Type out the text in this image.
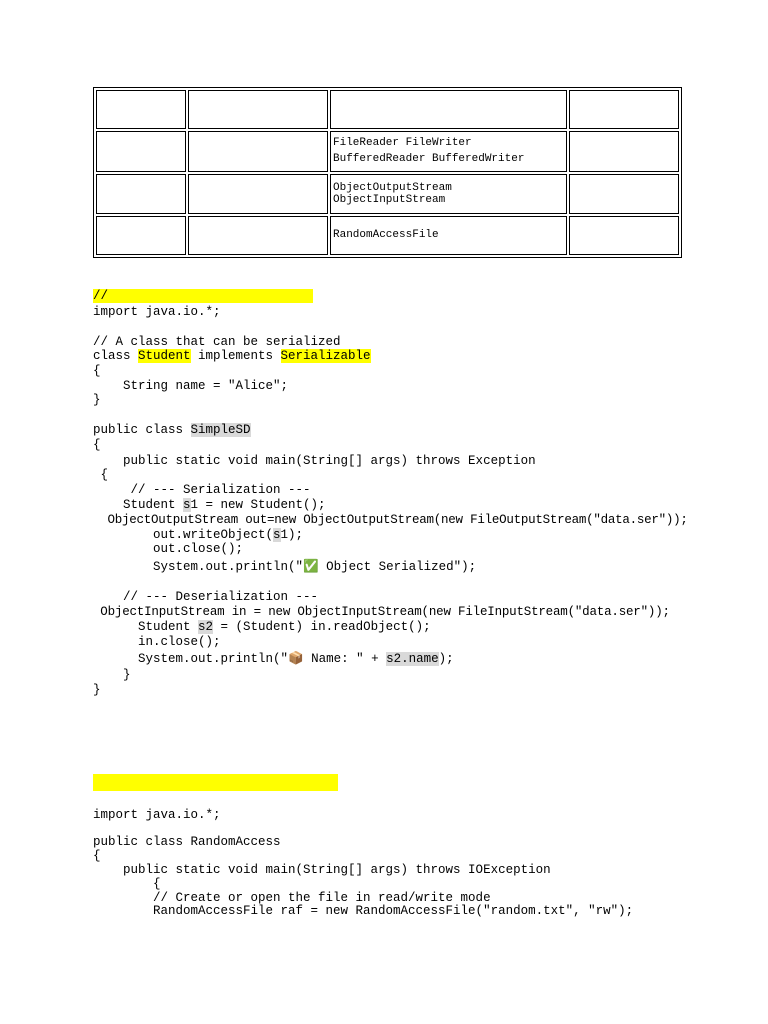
		FileReader FileWriter
BufferedReader BufferedWriter	

		ObjectOutputStream
ObjectInputStream	

		RandomAccessFile	
//
import java.io.*;
// A class that can be serialized
class Student implements Serializable
{
String name = "Alice";
}
public class SimpleSD
{
public static void main(String[] args) throws Exception
{
// --- Serialization ---
Student s1 = new Student();
ObjectOutputStream out=new ObjectOutputStream(new FileOutputStream("data.ser"));
out.writeObject(s1);
out.close();
System.out.println("✅ Object Serialized");
// --- Deserialization ---
ObjectInputStream in = new ObjectInputStream(new FileInputStream("data.ser"));
Student s2 = (Student) in.readObject();
in.close();
System.out.println("📦 Name: " + s2.name);
}
}
import java.io.*;
public class RandomAccess
{
public static void main(String[] args) throws IOException
{
// Create or open the file in read/write mode
RandomAccessFile raf = new RandomAccessFile("random.txt", "rw");
